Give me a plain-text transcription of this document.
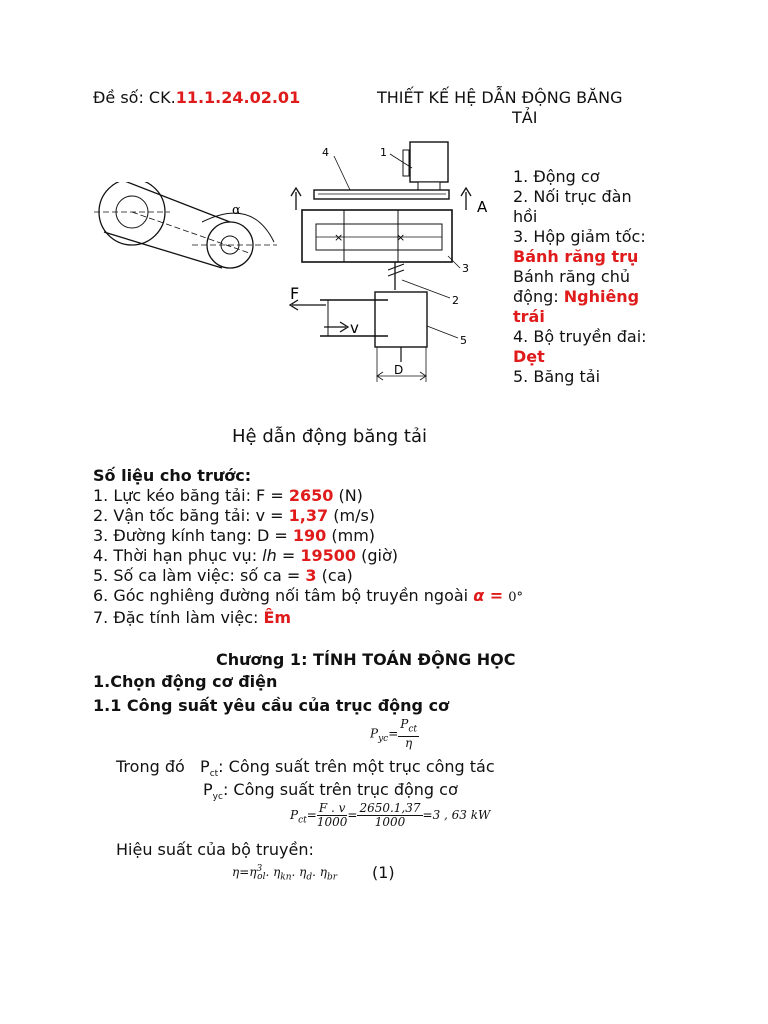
Đề số: CK.11.1.24.02.01	THIẾT KẾ HỆ DẪN ĐỘNG BĂNG
TẢI
α	A
×	×
F
v
D
4	1
3
2
5
1. Động cơ
2. Nối trục đàn
hồi
3. Hộp giảm tốc:
Bánh răng trụ
Bánh răng chủ
động: Nghiêng
trái
4. Bộ truyền đai:
Dẹt
5. Băng tải
Hệ dẫn động băng tải
Số liệu cho trước:
1. Lực kéo băng tải: F = 2650 (N)
2. Vận tốc băng tải: v = 1,37 (m/s)
3. Đường kính tang: D = 190 (mm)
4. Thời hạn phục vụ: lh = 19500 (giờ)
5. Số ca làm việc: số ca = 3 (ca)
6. Góc nghiêng đường nối tâm bộ truyền ngoài α = 0°
7. Đặc tính làm việc: Êm
Chương 1: TÍNH TOÁN ĐỘNG HỌC
1.Chọn động cơ điện
1.1 Công suất yêu cầu của trục động cơ
$P_{yc}= \frac{P_{ct}}{\eta}$
Trong đó $P_{ct}$: Công suất trên một trục công tác
$P_{yc}$: Công suất trên trục động cơ
$P_{ct}= \frac{F . v}{1000} = \frac{2650.1,37}{1000} =3$ , 63 kW
Hiệu suất của bộ truyền:
$\eta=\eta^3_{ol}$. $\eta_{kn}$. $\eta_d$. $\eta_{br}$ (1)
